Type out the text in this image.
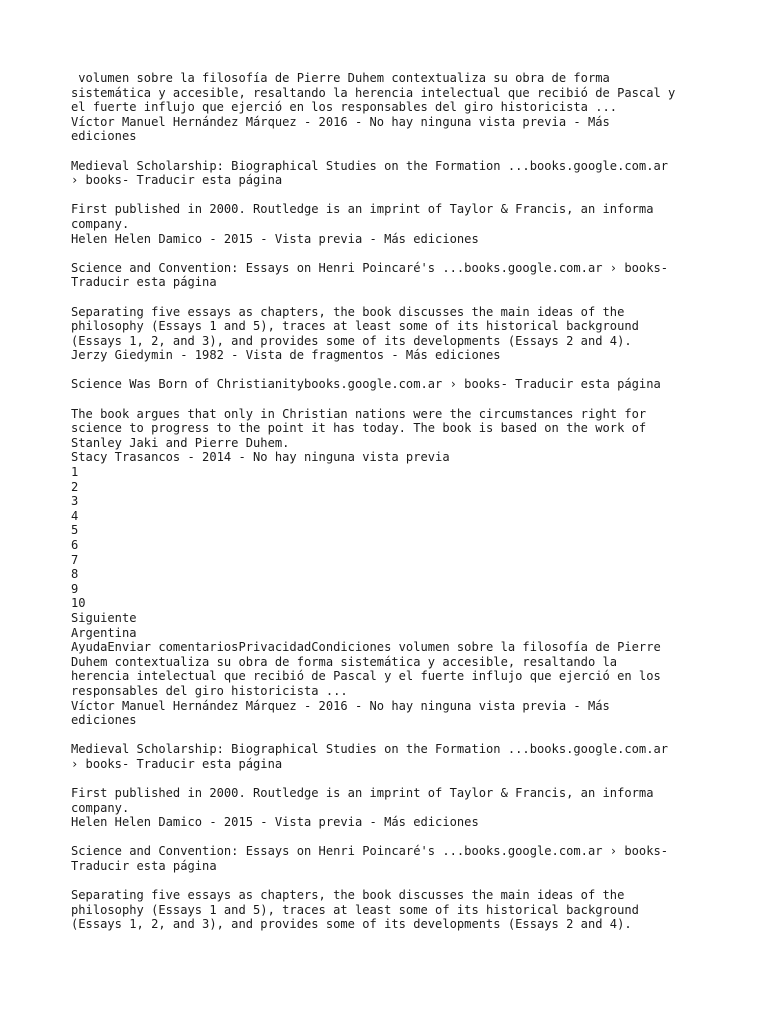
volumen sobre la filosofía de Pierre Duhem contextualiza su obra de forma
sistemática y accesible, resaltando la herencia intelectual que recibió de Pascal y
el fuerte influjo que ejerció en los responsables del giro historicista ...
Víctor Manuel Hernández Márquez - 2016 - No hay ninguna vista previa - Más
ediciones
Medieval Scholarship: Biographical Studies on the Formation ...books.google.com.ar
› books- Traducir esta página
First published in 2000. Routledge is an imprint of Taylor & Francis, an informa
company.
Helen Helen Damico - 2015 - Vista previa - Más ediciones
Science and Convention: Essays on Henri Poincaré's ...books.google.com.ar › books-
Traducir esta página
Separating five essays as chapters, the book discusses the main ideas of the
philosophy (Essays 1 and 5), traces at least some of its historical background
(Essays 1, 2, and 3), and provides some of its developments (Essays 2 and 4).
Jerzy Giedymin - 1982 - Vista de fragmentos - Más ediciones
Science Was Born of Christianitybooks.google.com.ar › books- Traducir esta página
The book argues that only in Christian nations were the circumstances right for
science to progress to the point it has today. The book is based on the work of
Stanley Jaki and Pierre Duhem.
Stacy Trasancos - 2014 - No hay ninguna vista previa
1
2
3
4
5
6
7
8
9
10
Siguiente
Argentina
AyudaEnviar comentariosPrivacidadCondiciones volumen sobre la filosofía de Pierre
Duhem contextualiza su obra de forma sistemática y accesible, resaltando la
herencia intelectual que recibió de Pascal y el fuerte influjo que ejerció en los
responsables del giro historicista ...
Víctor Manuel Hernández Márquez - 2016 - No hay ninguna vista previa - Más
ediciones
Medieval Scholarship: Biographical Studies on the Formation ...books.google.com.ar
› books- Traducir esta página
First published in 2000. Routledge is an imprint of Taylor & Francis, an informa
company.
Helen Helen Damico - 2015 - Vista previa - Más ediciones
Science and Convention: Essays on Henri Poincaré's ...books.google.com.ar › books-
Traducir esta página
Separating five essays as chapters, the book discusses the main ideas of the
philosophy (Essays 1 and 5), traces at least some of its historical background
(Essays 1, 2, and 3), and provides some of its developments (Essays 2 and 4).
